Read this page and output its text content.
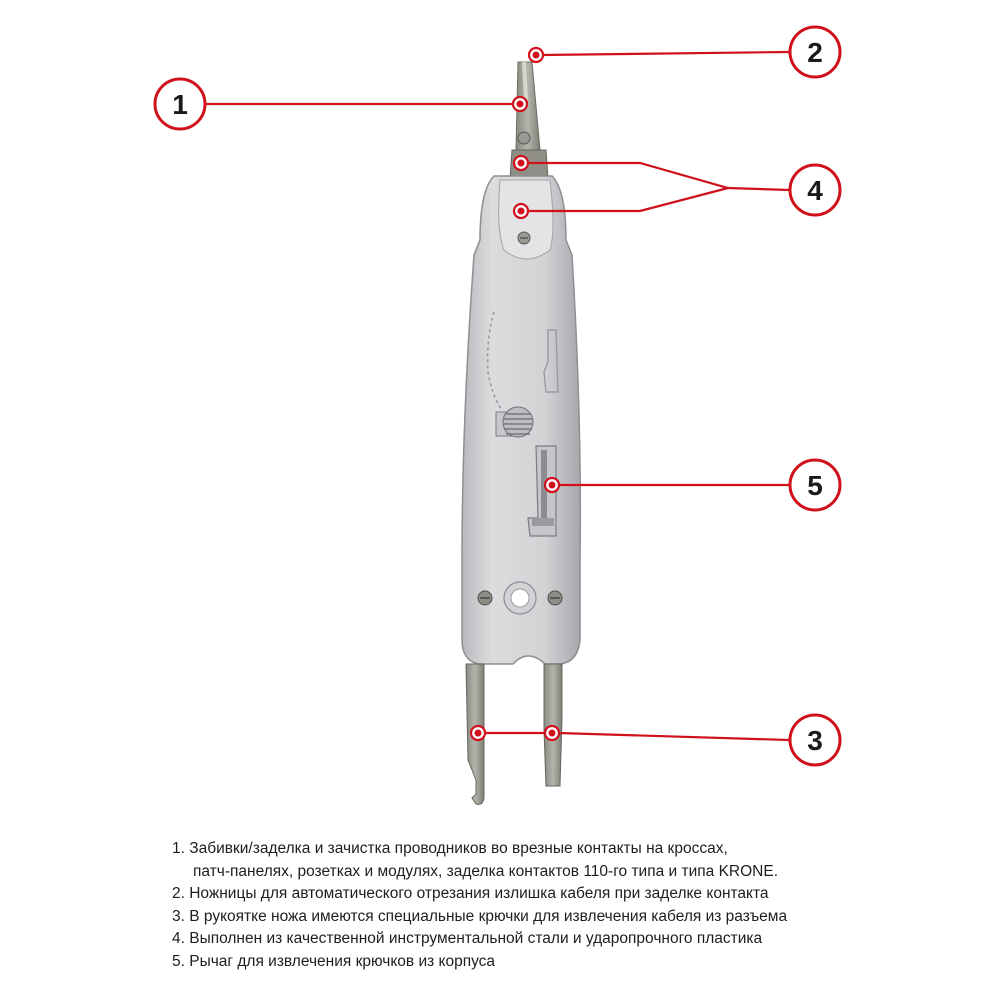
1
2
3
4
5
1. Забивки/заделка и зачистка проводников во врезные контакты на кроссах,
патч-панелях, розетках и модулях, заделка контактов 110-го типа и типа KRONE.
2. Ножницы для автоматического отрезания излишка кабеля при заделке контакта
3. В рукоятке ножа имеются специальные крючки для извлечения кабеля из разъема
4. Выполнен из качественной инструментальной стали и ударопрочного пластика
5. Рычаг для извлечения крючков из корпуса
